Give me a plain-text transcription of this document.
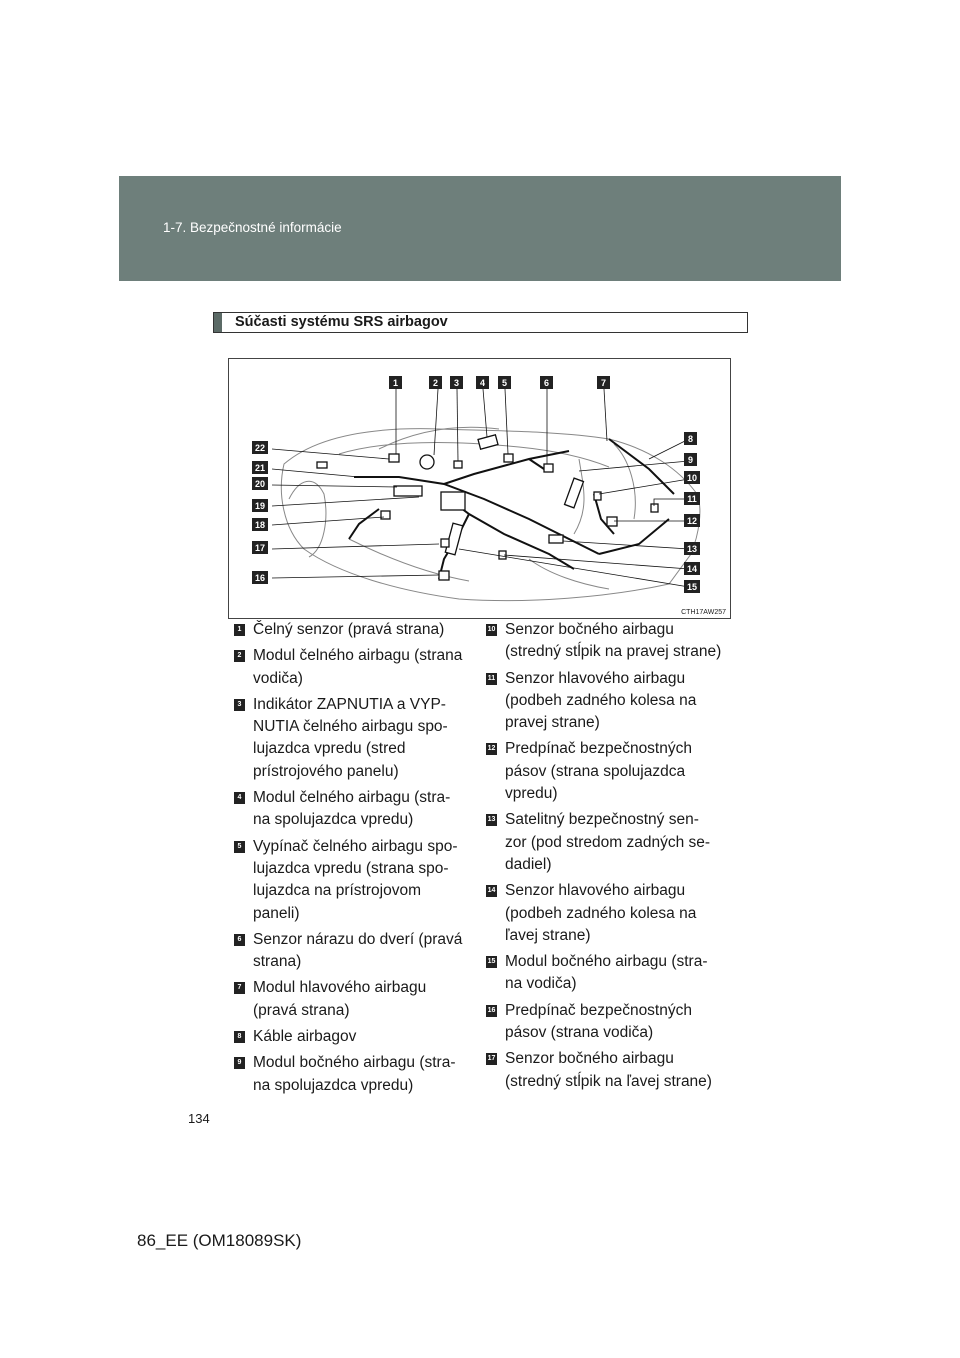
1-7. Bezpečnostné informácie
Súčasti systému SRS airbagov
1	2 3 4 5	6	7
8
9
10
11
12
13
14
15
22
21
20
19
18
17
16
CTH17AW257
1 Čelný senzor (pravá strana)
2 Modul čelného airbagu (strana
vodiča)
3 Indikátor ZAPNUTIA a VYP-
NUTIA čelného airbagu spo-
lujazdca vpredu (stred
prístrojového panelu)
4 Modul čelného airbagu (stra-
na spolujazdca vpredu)
5 Vypínač čelného airbagu spo-
lujazdca vpredu (strana spo-
lujazdca na prístrojovom
paneli)
6 Senzor nárazu do dverí (pravá
strana)
7 Modul hlavového airbagu
(pravá strana)
8 Káble airbagov
9 Modul bočného airbagu (stra-
na spolujazdca vpredu)
10 Senzor bočného airbagu
(stredný stĺpik na pravej strane)
11 Senzor hlavového airbagu
(podbeh zadného kolesa na
pravej strane)
12 Predpínač bezpečnostných
pásov (strana spolujazdca
vpredu)
13 Satelitný bezpečnostný sen-
zor (pod stredom zadných se-
dadiel)
14 Senzor hlavového airbagu
(podbeh zadného kolesa na
ľavej strane)
15 Modul bočného airbagu (stra-
na vodiča)
16 Predpínač bezpečnostných
pásov (strana vodiča)
17 Senzor bočného airbagu
(stredný stĺpik na ľavej strane)
134
86_EE (OM18089SK)
